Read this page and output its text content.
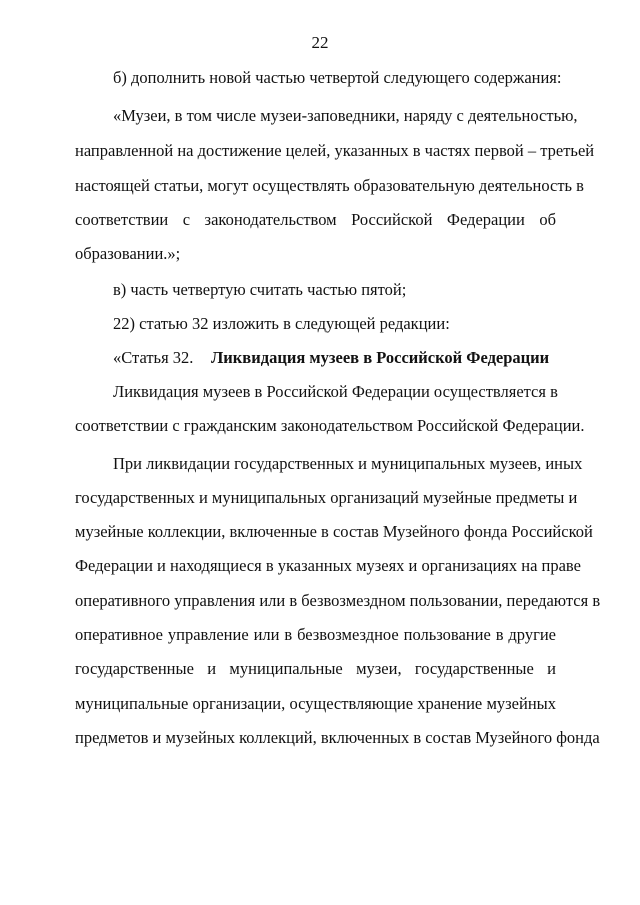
22
б) дополнить новой частью четвертой следующего содержания:
«Музеи, в том числе музеи-заповедники, наряду с деятельностью,
направленной на достижение целей, указанных в частях первой – третьей
настоящей статьи, могут осуществлять образовательную деятельность в
соответствии с законодательством Российской Федерации об
образовании.»;
в) часть четвертую считать частью пятой;
22) статью 32 изложить в следующей редакции:
«Статья 32. Ликвидация музеев в Российской Федерации
Ликвидация музеев в Российской Федерации осуществляется в
соответствии с гражданским законодательством Российской Федерации.
При ликвидации государственных и муниципальных музеев, иных
государственных и муниципальных организаций музейные предметы и
музейные коллекции, включенные в состав Музейного фонда Российской
Федерации и находящиеся в указанных музеях и организациях на праве
оперативного управления или в безвозмездном пользовании, передаются в
оперативное управление или в безвозмездное пользование в другие
государственные и муниципальные музеи, государственные и
муниципальные организации, осуществляющие хранение музейных
предметов и музейных коллекций, включенных в состав Музейного фонда
